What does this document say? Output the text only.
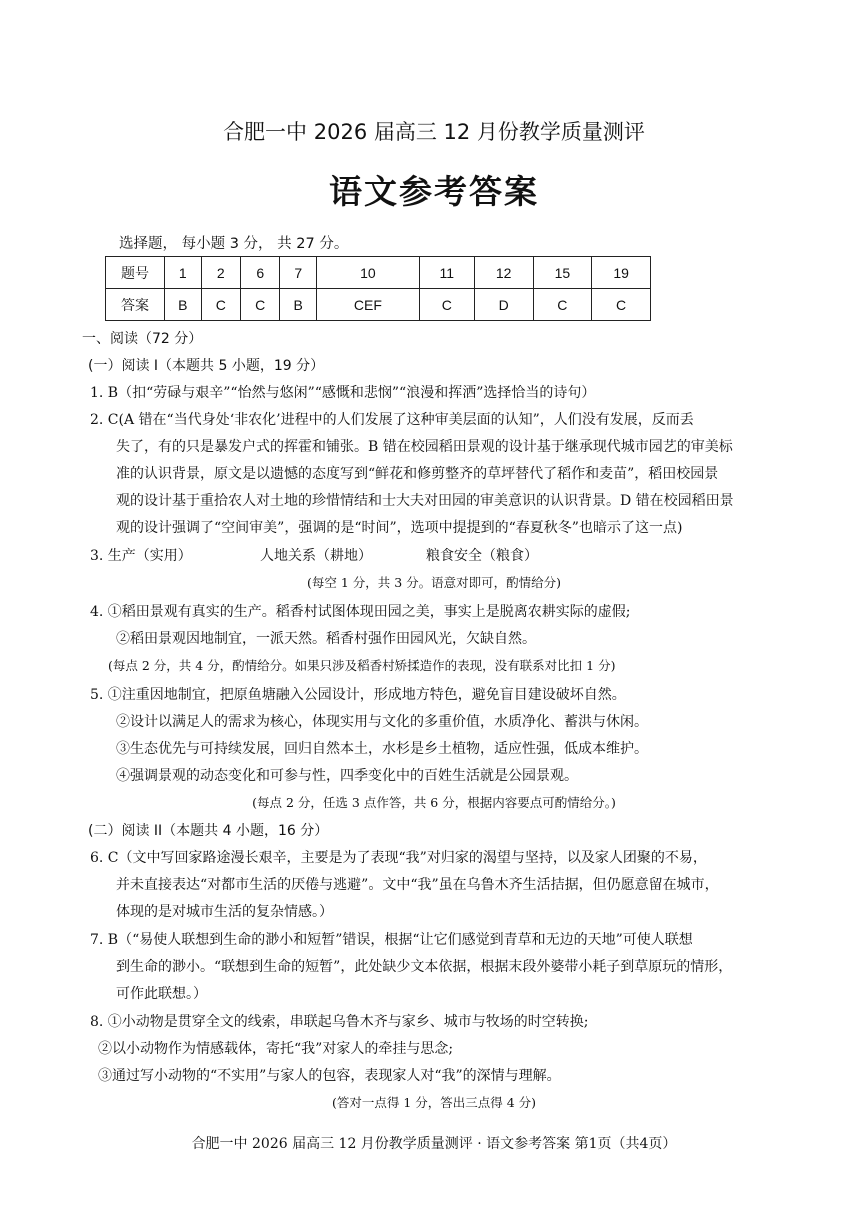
合肥一中 2026 届高三 12 月份教学质量测评
语文参考答案
选择题， 每小题 3 分， 共 27 分。
题号	1	2	6	7	10	11	12	15	19
答案	B	C	C	B	CEF	C	D	C	C
一、阅读（72 分）
(一）阅读 I（本题共 5 小题，19 分）
1. B（扣“劳碌与艰辛”“怡然与悠闲”“感慨和悲悯”“浪漫和挥洒”选择恰当的诗句）
2. C(A 错在“当代身处‘非农化’进程中的人们发展了这种审美层面的认知”，人们没有发展，反而丢
失了，有的只是暴发户式的挥霍和铺张。B 错在校园稻田景观的设计基于继承现代城市园艺的审美标
准的认识背景，原文是以遗憾的态度写到“鲜花和修剪整齐的草坪替代了稻作和麦苗”，稻田校园景
观的设计基于重拾农人对土地的珍惜情结和士大夫对田园的审美意识的认识背景。D 错在校园稻田景
观的设计强调了“空间审美”，强调的是“时间”，选项中提提到的“春夏秋冬”也暗示了这一点)
3. 生产（实用）	人地关系（耕地）	粮食安全（粮食）
(每空 1 分，共 3 分。语意对即可，酌情给分)
4. ①稻田景观有真实的生产。稻香村试图体现田园之美，事实上是脱离农耕实际的虚假;
②稻田景观因地制宜，一派天然。稻香村强作田园风光，欠缺自然。
(每点 2 分，共 4 分，酌情给分。如果只涉及稻香村矫揉造作的表现，没有联系对比扣 1 分)
5. ①注重因地制宜，把原鱼塘融入公园设计，形成地方特色，避免盲目建设破坏自然。
②设计以满足人的需求为核心，体现实用与文化的多重价值，水质净化、蓄洪与休闲。
③生态优先与可持续发展，回归自然本土，水杉是乡土植物，适应性强，低成本维护。
④强调景观的动态变化和可参与性，四季变化中的百姓生活就是公园景观。
(每点 2 分，任选 3 点作答，共 6 分，根据内容要点可酌情给分。)
(二）阅读 II（本题共 4 小题，16 分）
6. C（文中写回家路途漫长艰辛，主要是为了表现“我”对归家的渴望与坚持，以及家人团聚的不易，
并未直接表达“对都市生活的厌倦与逃避”。文中“我”虽在乌鲁木齐生活拮据，但仍愿意留在城市，
体现的是对城市生活的复杂情感。）
7. B（“易使人联想到生命的渺小和短暂”错误，根据“让它们感觉到青草和无边的天地”可使人联想
到生命的渺小。“联想到生命的短暂”，此处缺少文本依据，根据末段外婆带小耗子到草原玩的情形，
可作此联想。）
8. ①小动物是贯穿全文的线索，串联起乌鲁木齐与家乡、城市与牧场的时空转换;
②以小动物作为情感载体，寄托“我”对家人的牵挂与思念;
③通过写小动物的“不实用”与家人的包容，表现家人对“我”的深情与理解。
(答对一点得 1 分，答出三点得 4 分)
合肥一中 2026 届高三 12 月份教学质量测评 · 语文参考答案 第1页（共4页）
